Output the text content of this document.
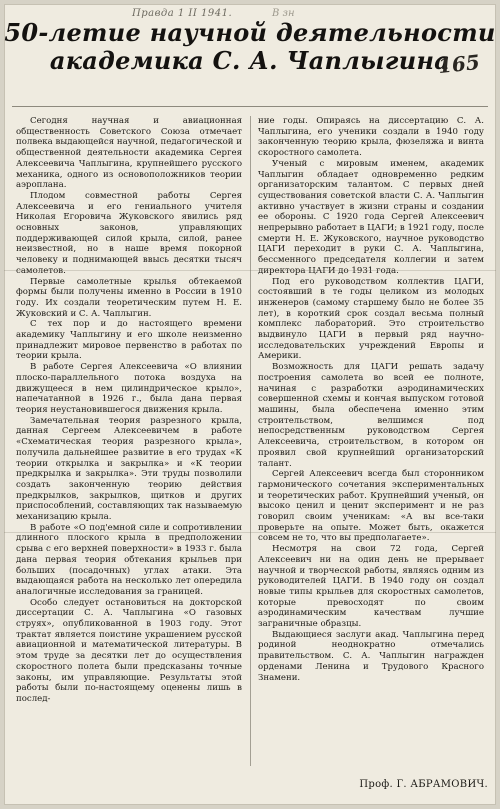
Правда 1 II 1941.	В зн
50-летие научной деятельности
академика С. А. Чаплыгина
165

Сегодня научная и авиационная общественность Советского Союза отмечает полвека выдающейся научной, педагогической и общественной деятельности академика Сергея Алексеевича Чаплыгина, крупнейшего русского механика, одного из основоположников теории аэроплана.

Плодом совместной работы Сергея Алексеевича и его гениального учителя Николая Егоровича Жуковского явились ряд основных законов, управляющих поддерживающей силой крыла, силой, ранее неизвестной, но в наше время покорной человеку и поднимающей ввысь десятки тысяч самолетов.

Первые самолетные крылья обтекаемой формы были получены именно в России в 1910 году. Их создали теоретическим путем Н. Е. Жуковский и С. А. Чаплыгин.

С тех пор и до настоящего времени академику Чаплыгину и его школе неизменно принадлежит мировое первенство в работах по теории крыла.

В работе Сергея Алексеевича «О влиянии плоско-параллельного потока воздуха на движущееся в нем цилиндрическое крыло», напечатанной в 1926 г., была дана первая теория неустановившегося движения крыла.

Замечательная теория разрезного крыла, данная Сергеем Алексеевичем в работе «Схематическая теория разрезного крыла», получила дальнейшее развитие в его трудах «К теории открылка и закрылка» и «К теории предкрылка и закрылка». Эти труды позволили создать законченную теорию действия предкрылков, закрылков, щитков и других приспособлений, составляющих так называемую механизацию крыла.

В работе «О под'емной силе и сопротивлении длинного плоского крыла в предположении срыва с его верхней поверхности» в 1933 г. была дана первая теория обтекания крыльев при больших (посадочных) углах атаки. Эта выдающаяся работа на несколько лет опередила аналогичные исследования за границей.

Особо следует остановиться на докторской диссертации С. А. Чаплыгина «О газовых струях», опубликованной в 1903 году. Этот трактат является поистине украшением русской авиационной и математической литературы. В этом труде за десятки лет до осуществления скоростного полета были предсказаны точные законы, им управляющие. Результаты этой работы были по-настоящему оценены лишь в послед-

ние годы. Опираясь на диссертацию С. А. Чаплыгина, его ученики создали в 1940 году законченную теорию крыла, фюзеляжа и винта скоростного самолета.

Ученый с мировым именем, академик Чаплыгин обладает одновременно редким организаторским талантом. С первых дней существования советской власти С. А. Чаплыгин активно участвует в жизни страны и создании ее обороны. С 1920 года Сергей Алексеевич непрерывно работает в ЦАГИ; в 1921 году, после смерти Н. Е. Жуковского, научное руководство ЦАГИ переходит в руки С. А. Чаплыгина, бессменного председателя коллегии и затем директора ЦАГИ до 1931 года.

Под его руководством коллектив ЦАГИ, состоявший в те годы целиком из молодых инженеров (самому старшему было не более 35 лет), в короткий срок создал весьма полный комплекс лабораторий. Это строительство выдвинуло ЦАГИ в первый ряд научно-исследовательских учреждений Европы и Америки.

Возможность для ЦАГИ решать задачу построения самолета во всей ее полноте, начиная с разработки аэродинамических совершенной схемы и кончая выпуском готовой машины, была обеспечена именно этим строительством, велшимся под непосредственным руководством Сергея Алексеевича, строительством, в котором он проявил свой крупнейший организаторский талант.

Сергей Алексеевич всегда был сторонником гармонического сочетания экспериментальных и теоретических работ. Крупнейший ученый, он высоко ценил и ценит эксперимент и не раз говорил своим ученикам: «А вы все-таки проверьте на опыте. Может быть, окажется совсем не то, что вы предполагаете».

Несмотря на свои 72 года, Сергей Алексеевич ни на один день не прерывает научной и творческой работы, являясь одним из руководителей ЦАГИ. В 1940 году он создал новые типы крыльев для скоростных самолетов, которые превосходят по своим аэродинамическим качествам лучшие заграничные образцы.

Выдающиеся заслуги акад. Чаплыгина перед родиной неоднократно отмечались правительством. С. А. Чаплыгин награжден орденами Ленина и Трудового Красного Знамени.

Проф. Г. АБРАМОВИЧ.
